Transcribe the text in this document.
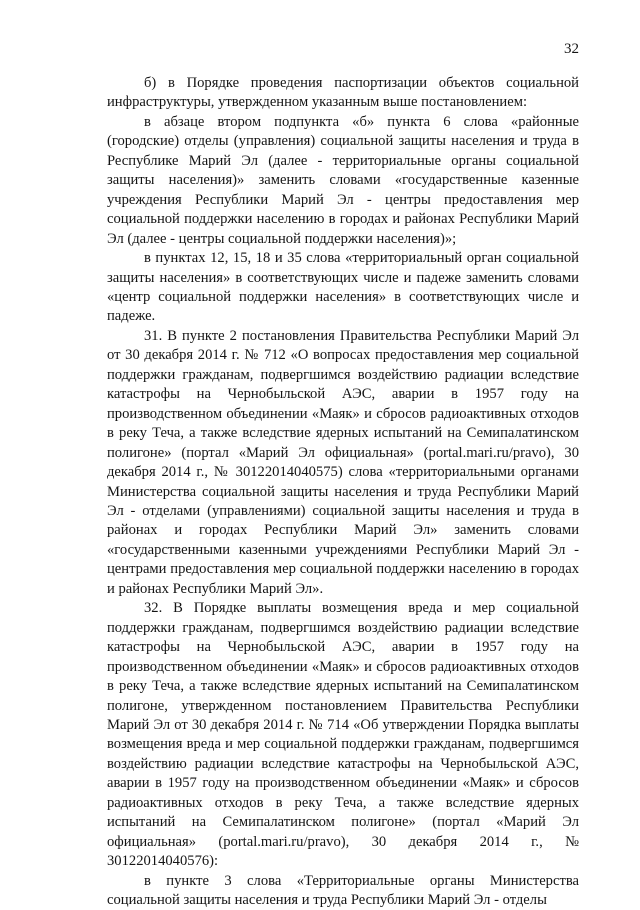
32

б) в Порядке проведения паспортизации объектов социальной инфраструктуры, утвержденном указанным выше постановлением:

в абзаце втором подпункта «б» пункта 6 слова «районные (городские) отделы (управления) социальной защиты населения и труда в Республике Марий Эл (далее - территориальные органы социальной защиты населения)» заменить словами «государственные казенные учреждения Республики Марий Эл - центры предоставления мер социальной поддержки населению в городах и районах Республики Марий Эл (далее - центры социальной поддержки населения)»;

в пунктах 12, 15, 18 и 35 слова «территориальный орган социальной защиты населения» в соответствующих числе и падеже заменить словами «центр социальной поддержки населения» в соответствующих числе и падеже.

31. В пункте 2 постановления Правительства Республики Марий Эл от 30 декабря 2014 г. № 712 «О вопросах предоставления мер социальной поддержки гражданам, подвергшимся воздействию радиации вследствие катастрофы на Чернобыльской АЭС, аварии в 1957 году на производственном объединении «Маяк» и сбросов радиоактивных отходов в реку Теча, а также вследствие ядерных испытаний на Семипалатинском полигоне» (портал «Марий Эл официальная» (portal.mari.ru/pravo), 30 декабря 2014 г., № 30122014040575) слова «территориальными органами Министерства социальной защиты населения и труда Республики Марий Эл - отделами (управлениями) социальной защиты населения и труда в районах и городах Республики Марий Эл» заменить словами «государственными казенными учреждениями Республики Марий Эл - центрами предоставления мер социальной поддержки населению в городах и районах Республики Марий Эл».

32. В Порядке выплаты возмещения вреда и мер социальной поддержки гражданам, подвергшимся воздействию радиации вследствие катастрофы на Чернобыльской АЭС, аварии в 1957 году на производственном объединении «Маяк» и сбросов радиоактивных отходов в реку Теча, а также вследствие ядерных испытаний на Семипалатинском полигоне, утвержденном постановлением Правительства Республики Марий Эл от 30 декабря 2014 г. № 714 «Об утверждении Порядка выплаты возмещения вреда и мер социальной поддержки гражданам, подвергшимся воздействию радиации вследствие катастрофы на Чернобыльской АЭС, аварии в 1957 году на производственном объединении «Маяк» и сбросов радиоактивных отходов в реку Теча, а также вследствие ядерных испытаний на Семипалатинском полигоне» (портал «Марий Эл официальная» (portal.mari.ru/pravo), 30 декабря 2014 г., № 30122014040576):

в пункте 3 слова «Территориальные органы Министерства социальной защиты населения и труда Республики Марий Эл - отделы
